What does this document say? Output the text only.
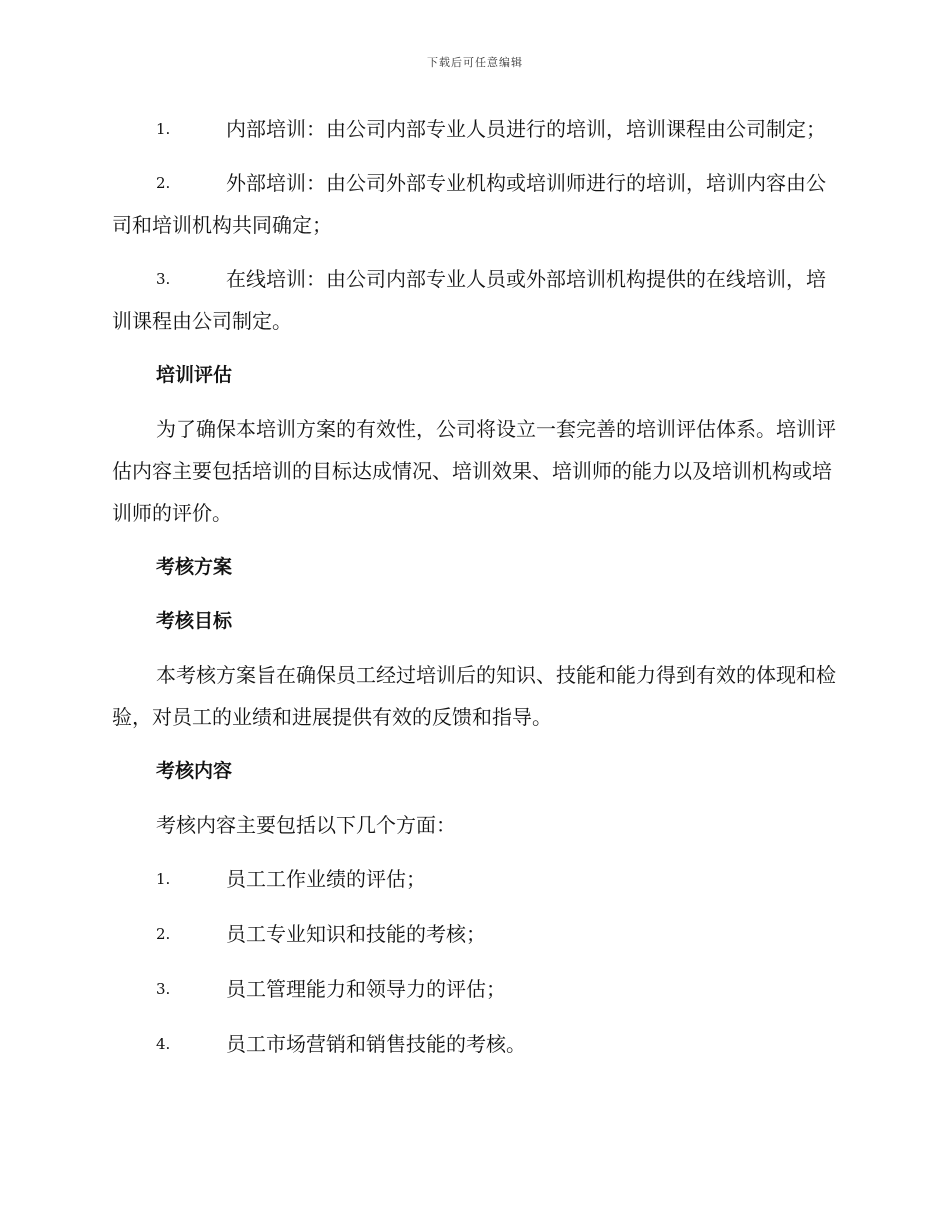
下载后可任意编辑
1.	内部培训：由公司内部专业人员进行的培训，培训课程由公司制定；
2.	外部培训：由公司外部专业机构或培训师进行的培训，培训内容由公司和培训机构共同确定；
3.	在线培训：由公司内部专业人员或外部培训机构提供的在线培训，培训课程由公司制定。
培训评估
为了确保本培训方案的有效性，公司将设立一套完善的培训评估体系。培训评估内容主要包括培训的目标达成情况、培训效果、培训师的能力以及培训机构或培训师的评价。
考核方案
考核目标
本考核方案旨在确保员工经过培训后的知识、技能和能力得到有效的体现和检验，对员工的业绩和进展提供有效的反馈和指导。
考核内容
考核内容主要包括以下几个方面：
1.	员工工作业绩的评估；
2.	员工专业知识和技能的考核；
3.	员工管理能力和领导力的评估；
4.	员工市场营销和销售技能的考核。
